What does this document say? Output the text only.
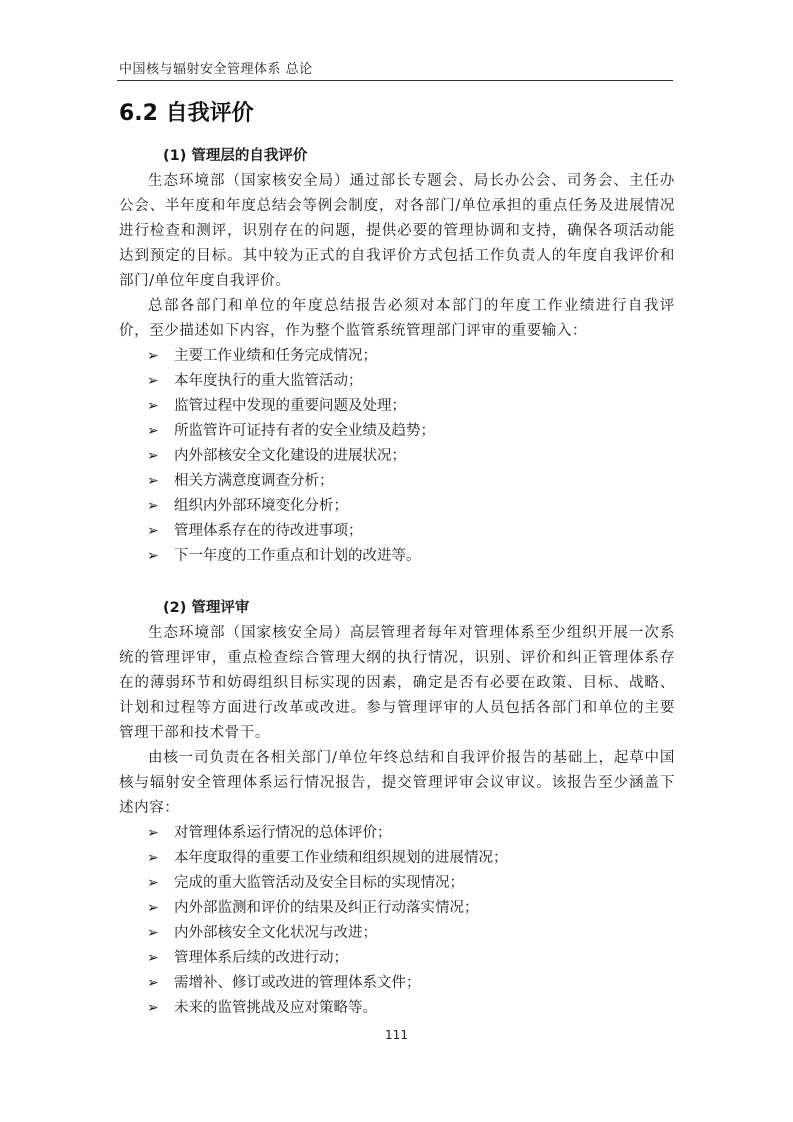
中国核与辐射安全管理体系 总论
6.2 自我评价

(1) 管理层的自我评价

生态环境部（国家核安全局）通过部长专题会、局长办公会、司务会、主任办公会、半年度和年度总结会等例会制度，对各部门/单位承担的重点任务及进展情况进行检查和测评，识别存在的问题，提供必要的管理协调和支持，确保各项活动能达到预定的目标。其中较为正式的自我评价方式包括工作负责人的年度自我评价和部门/单位年度自我评价。

总部各部门和单位的年度总结报告必须对本部门的年度工作业绩进行自我评价，至少描述如下内容，作为整个监管系统管理部门评审的重要输入：

➢ 主要工作业绩和任务完成情况；
➢ 本年度执行的重大监管活动；
➢ 监管过程中发现的重要问题及处理；
➢ 所监管许可证持有者的安全业绩及趋势；
➢ 内外部核安全文化建设的进展状况；
➢ 相关方满意度调查分析；
➢ 组织内外部环境变化分析；
➢ 管理体系存在的待改进事项；
➢ 下一年度的工作重点和计划的改进等。

(2) 管理评审

生态环境部（国家核安全局）高层管理者每年对管理体系至少组织开展一次系统的管理评审，重点检查综合管理大纲的执行情况，识别、评价和纠正管理体系存在的薄弱环节和妨碍组织目标实现的因素，确定是否有必要在政策、目标、战略、计划和过程等方面进行改革或改进。参与管理评审的人员包括各部门和单位的主要管理干部和技术骨干。

由核一司负责在各相关部门/单位年终总结和自我评价报告的基础上，起草中国核与辐射安全管理体系运行情况报告，提交管理评审会议审议。该报告至少涵盖下述内容：

➢ 对管理体系运行情况的总体评价；
➢ 本年度取得的重要工作业绩和组织规划的进展情况；
➢ 完成的重大监管活动及安全目标的实现情况；
➢ 内外部监测和评价的结果及纠正行动落实情况；
➢ 内外部核安全文化状况与改进；
➢ 管理体系后续的改进行动；
➢ 需增补、修订或改进的管理体系文件；
➢ 未来的监管挑战及应对策略等。
111
